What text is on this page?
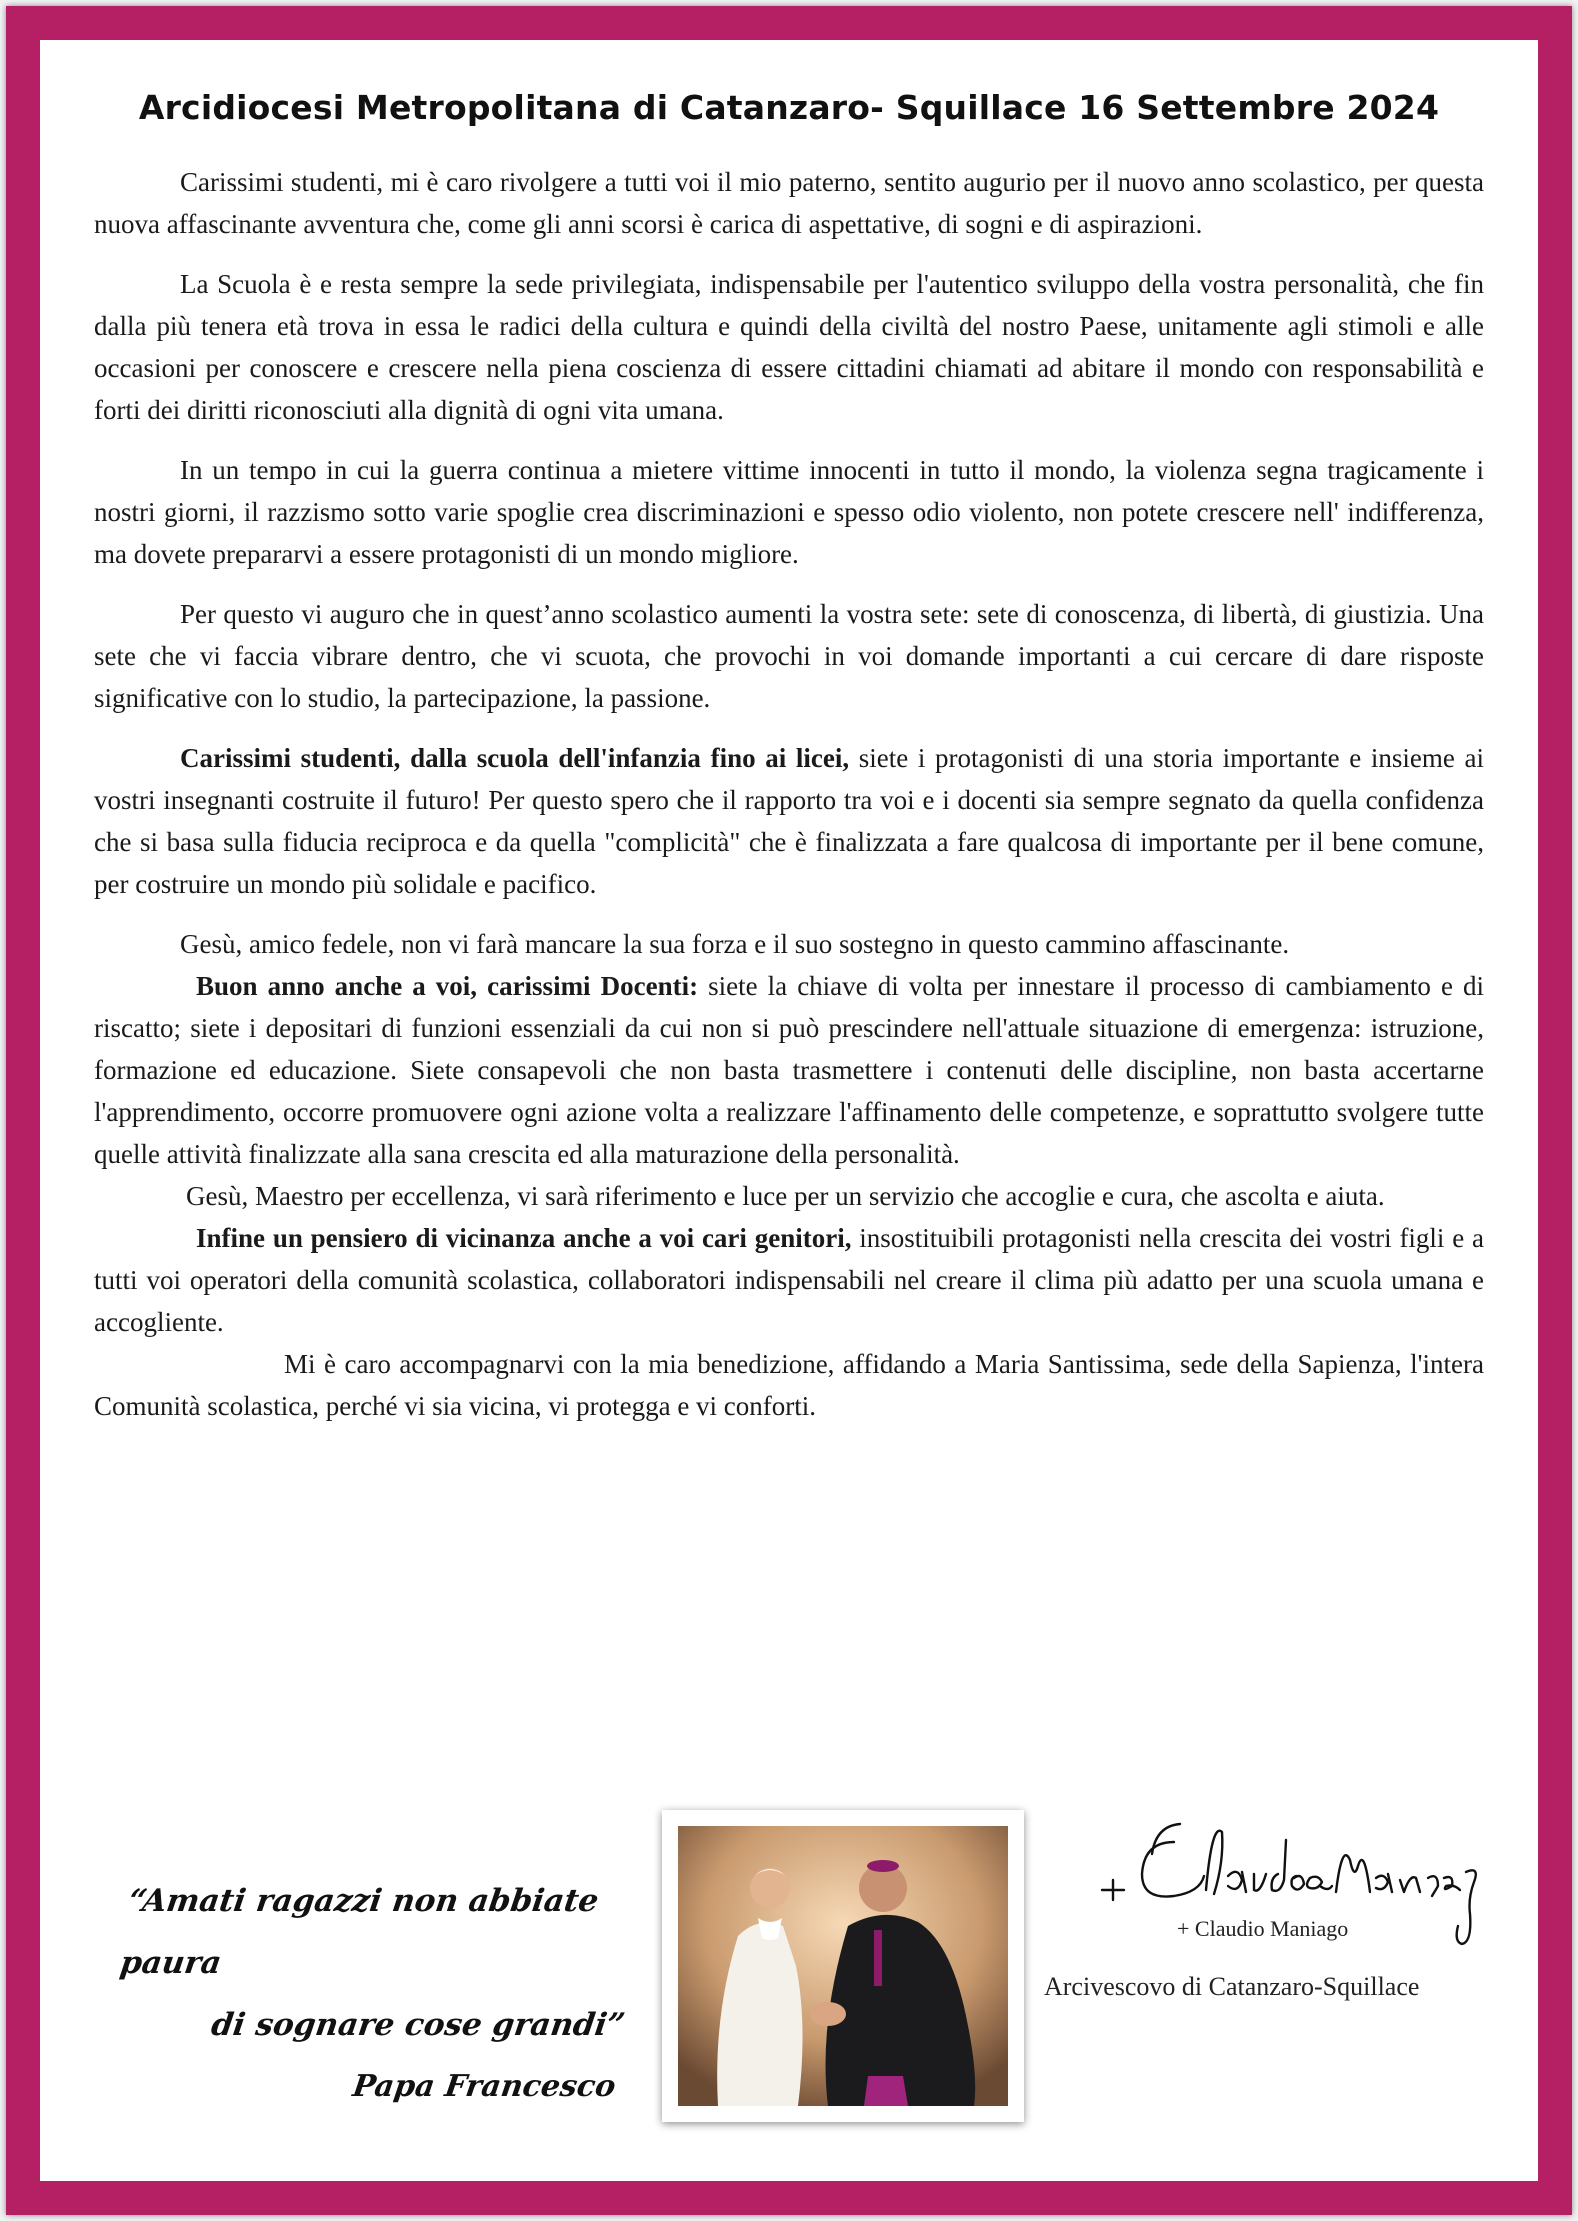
Arcidiocesi Metropolitana di Catanzaro- Squillace 16 Settembre 2024

Carissimi studenti, mi è caro rivolgere a tutti voi il mio paterno, sentito augurio per il nuovo anno scolastico, per questa nuova affascinante avventura che, come gli anni scorsi è carica di aspettative, di sogni e di aspirazioni.

La Scuola è e resta sempre la sede privilegiata, indispensabile per l'autentico sviluppo della vostra personalità, che fin dalla più tenera età trova in essa le radici della cultura e quindi della civiltà del nostro Paese, unitamente agli stimoli e alle occasioni per conoscere e crescere nella piena coscienza di essere cittadini chiamati ad abitare il mondo con responsabilità e forti dei diritti riconosciuti alla dignità di ogni vita umana.

In un tempo in cui la guerra continua a mietere vittime innocenti in tutto il mondo, la violenza segna tragicamente i nostri giorni, il razzismo sotto varie spoglie crea discriminazioni e spesso odio violento, non potete crescere nell' indifferenza, ma dovete prepararvi a essere protagonisti di un mondo migliore.

Per questo vi auguro che in quest’anno scolastico aumenti la vostra sete: sete di conoscenza, di libertà, di giustizia. Una sete che vi faccia vibrare dentro, che vi scuota, che provochi in voi domande importanti a cui cercare di dare risposte significative con lo studio, la partecipazione, la passione.

Carissimi studenti, dalla scuola dell'infanzia fino ai licei, siete i protagonisti di una storia importante e insieme ai vostri insegnanti costruite il futuro! Per questo spero che il rapporto tra voi e i docenti sia sempre segnato da quella confidenza che si basa sulla fiducia reciproca e da quella "complicità" che è finalizzata a fare qualcosa di importante per il bene comune, per costruire un mondo più solidale e pacifico.

Gesù, amico fedele, non vi farà mancare la sua forza e il suo sostegno in questo cammino affascinante.

Buon anno anche a voi, carissimi Docenti: siete la chiave di volta per innestare il processo di cambiamento e di riscatto; siete i depositari di funzioni essenziali da cui non si può prescindere nell'attuale situazione di emergenza: istruzione, formazione ed educazione. Siete consapevoli che non basta trasmettere i contenuti delle discipline, non basta accertarne l'apprendimento, occorre promuovere ogni azione volta a realizzare l'affinamento delle competenze, e soprattutto svolgere tutte quelle attività finalizzate alla sana crescita ed alla maturazione della personalità.

Gesù, Maestro per eccellenza, vi sarà riferimento e luce per un servizio che accoglie e cura, che ascolta e aiuta.

Infine un pensiero di vicinanza anche a voi cari genitori, insostituibili protagonisti nella crescita dei vostri figli e a tutti voi operatori della comunità scolastica, collaboratori indispensabili nel creare il clima più adatto per una scuola umana e accogliente.

Mi è caro accompagnarvi con la mia benedizione, affidando a Maria Santissima, sede della Sapienza, l'intera Comunità scolastica, perché vi sia vicina, vi protegga e vi conforti.

“Amati ragazzi non abbiate paura
di sognare cose grandi”
Papa Francesco
+ Claudio Maniago
Arcivescovo di Catanzaro-Squillace
